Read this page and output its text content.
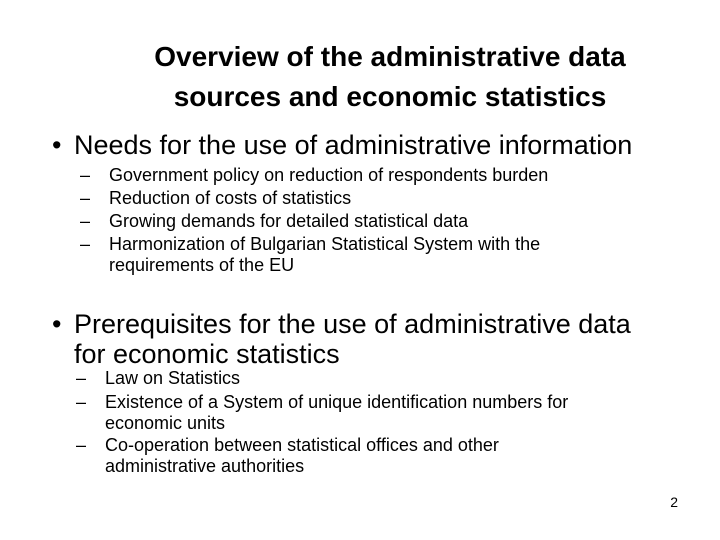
Overview of the administrative data
sources and economic statistics
• Needs for the use of administrative information
–	Government policy on reduction of respondents burden
–	Reduction of costs of statistics
–	Growing demands for detailed statistical data
–	Harmonization of Bulgarian Statistical System with the
requirements of the EU
• Prerequisites for the use of administrative data
for economic statistics
–	Law on Statistics
–	Existence of a System of unique identification numbers for
economic units
–	Co-operation between statistical offices and other
administrative authorities
2
